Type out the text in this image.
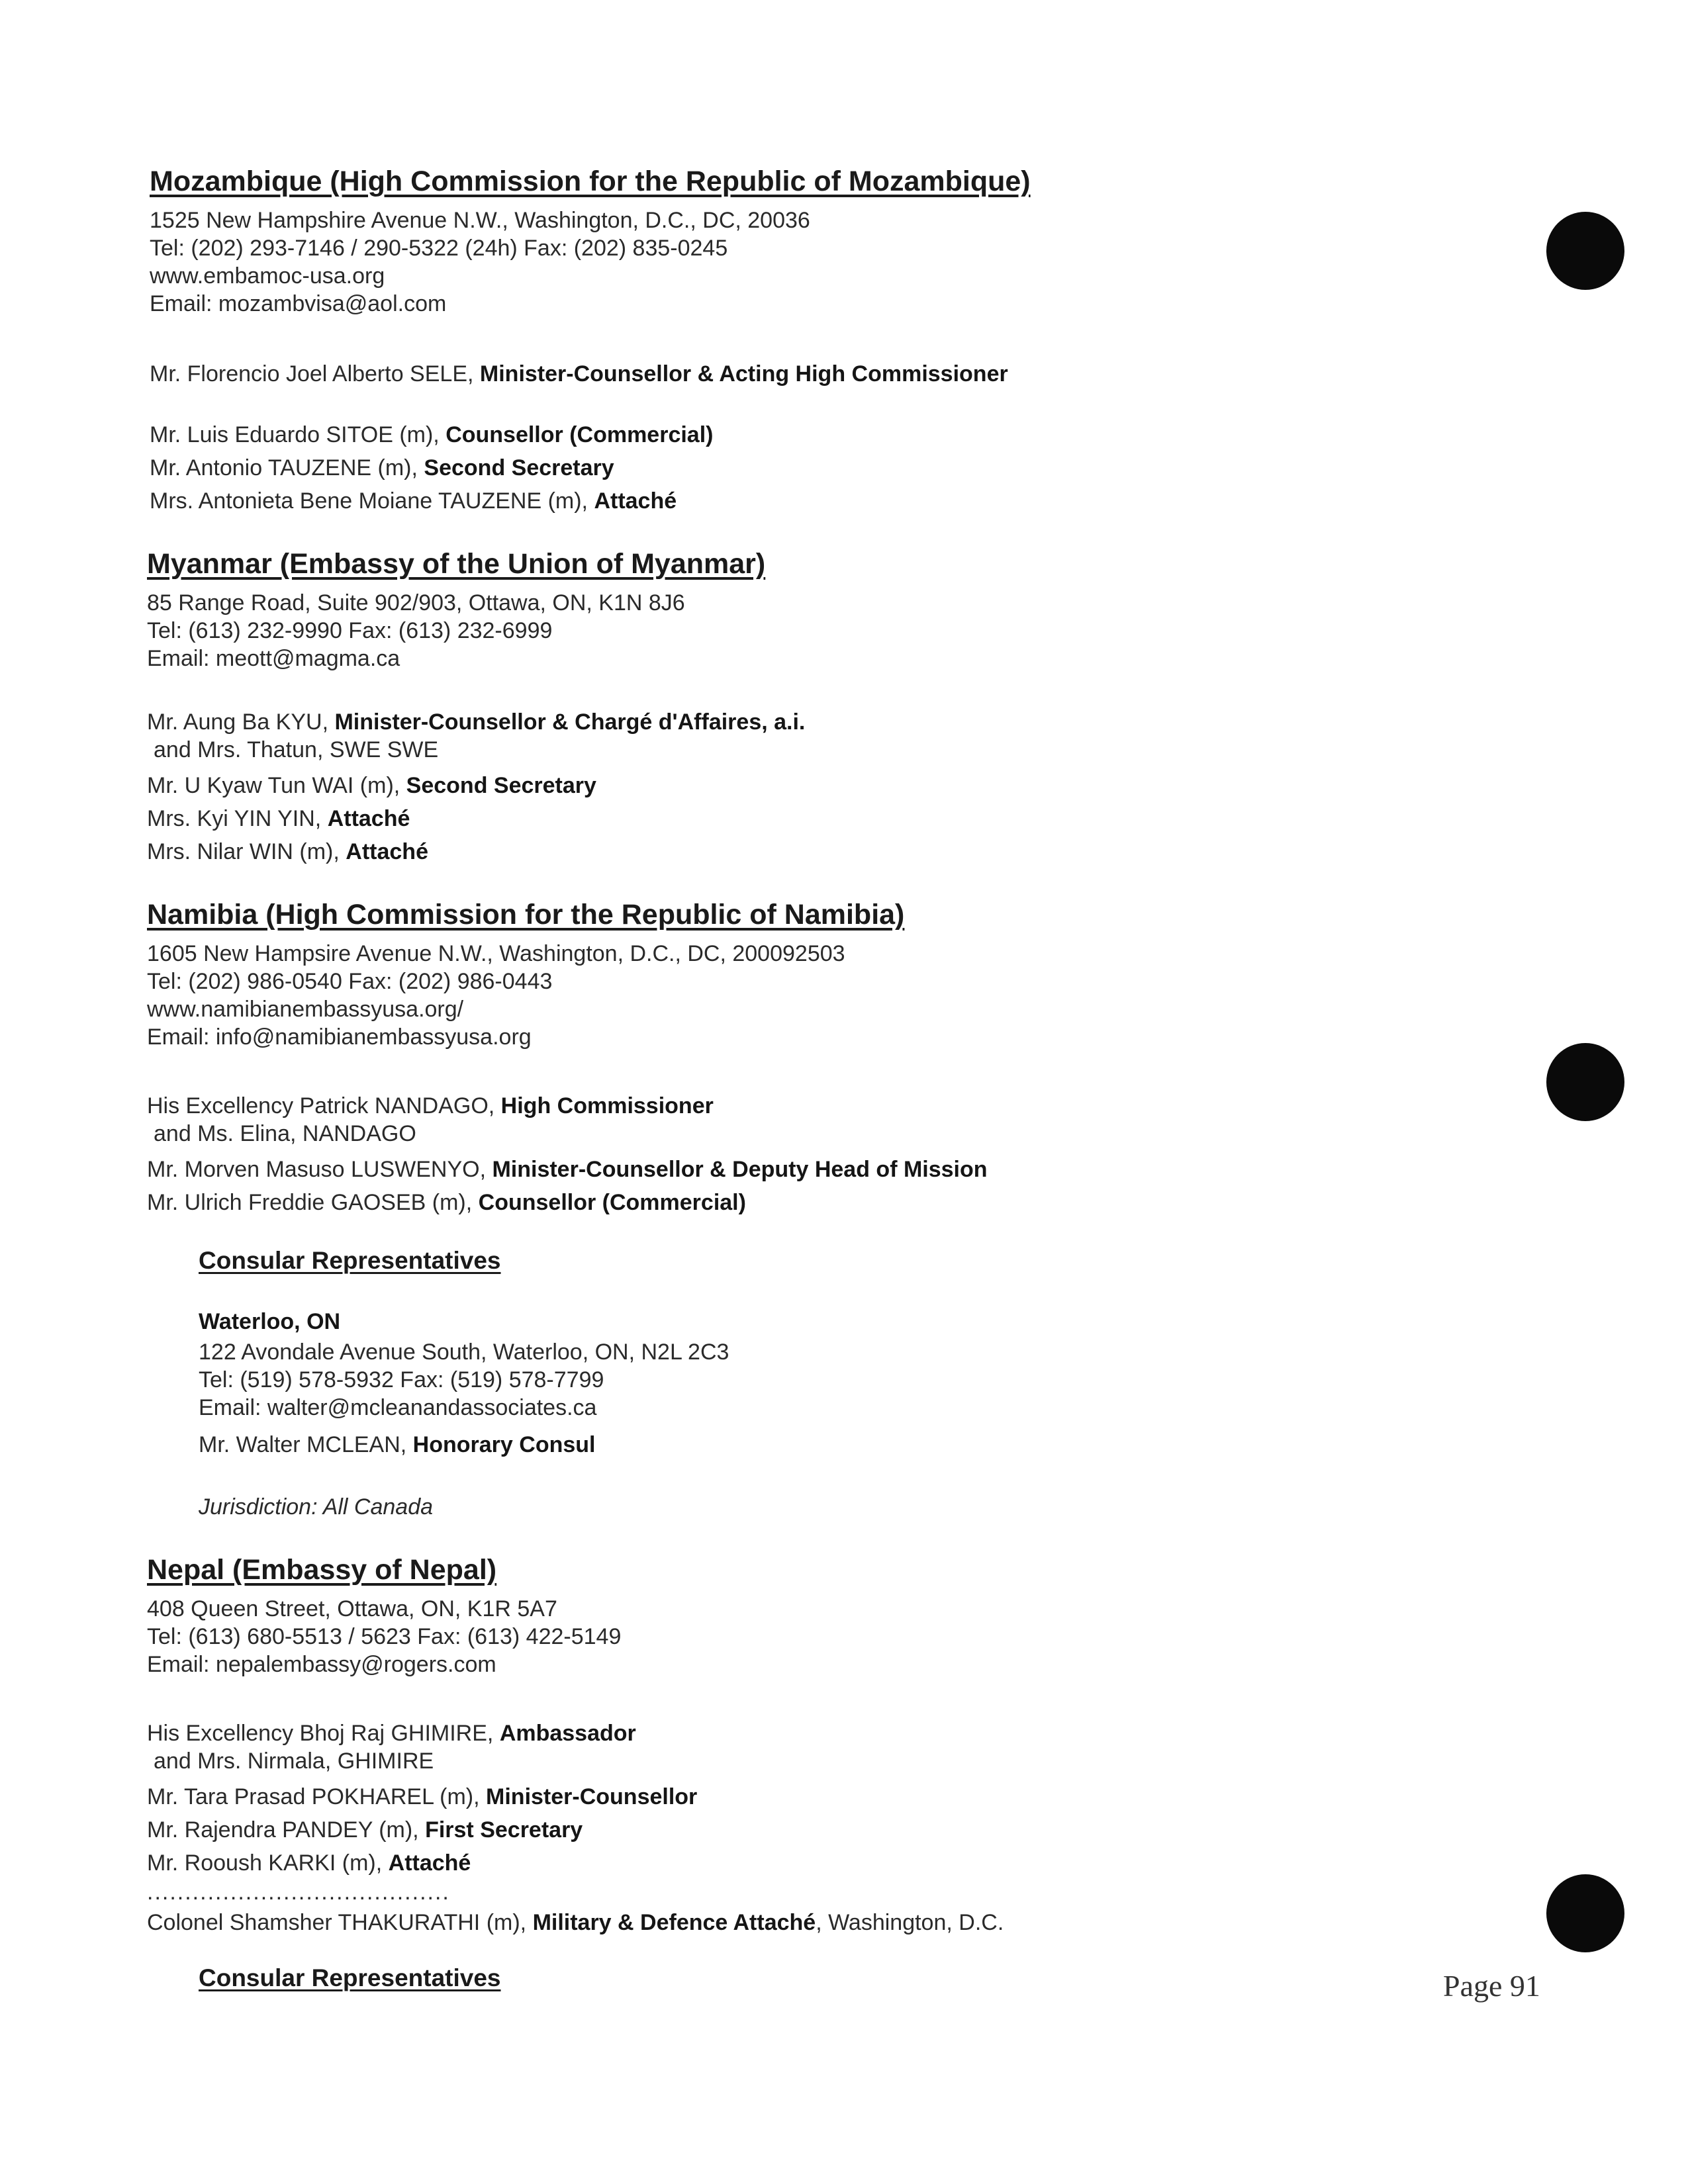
Mozambique (High Commission for the Republic of Mozambique)

1525 New Hampshire Avenue N.W., Washington, D.C., DC, 20036

Tel: (202) 293-7146 / 290-5322 (24h) Fax: (202) 835-0245

www.embamoc-usa.org

Email: mozambvisa@aol.com

Mr. Florencio Joel Alberto SELE, Minister-Counsellor & Acting High Commissioner

Mr. Luis Eduardo SITOE (m), Counsellor (Commercial)

Mr. Antonio TAUZENE (m), Second Secretary

Mrs. Antonieta Bene Moiane TAUZENE (m), Attaché

Myanmar (Embassy of the Union of Myanmar)

85 Range Road, Suite 902/903, Ottawa, ON, K1N 8J6

Tel: (613) 232-9990 Fax: (613) 232-6999

Email: meott@magma.ca

Mr. Aung Ba KYU, Minister-Counsellor & Chargé d'Affaires, a.i.

and Mrs. Thatun, SWE SWE

Mr. U Kyaw Tun WAI (m), Second Secretary

Mrs. Kyi YIN YIN, Attaché

Mrs. Nilar WIN (m), Attaché

Namibia (High Commission for the Republic of Namibia)

1605 New Hampsire Avenue N.W., Washington, D.C., DC, 200092503

Tel: (202) 986-0540 Fax: (202) 986-0443

www.namibianembassyusa.org/

Email: info@namibianembassyusa.org

His Excellency Patrick NANDAGO, High Commissioner

and Ms. Elina, NANDAGO

Mr. Morven Masuso LUSWENYO, Minister-Counsellor & Deputy Head of Mission

Mr. Ulrich Freddie GAOSEB (m), Counsellor (Commercial)

Consular Representatives

Waterloo, ON

122 Avondale Avenue South, Waterloo, ON, N2L 2C3

Tel: (519) 578-5932 Fax: (519) 578-7799

Email: walter@mcleanandassociates.ca

Mr. Walter MCLEAN, Honorary Consul

Jurisdiction: All Canada

Nepal (Embassy of Nepal)

408 Queen Street, Ottawa, ON, K1R 5A7

Tel: (613) 680-5513 / 5623 Fax: (613) 422-5149

Email: nepalembassy@rogers.com

His Excellency Bhoj Raj GHIMIRE, Ambassador

and Mrs. Nirmala, GHIMIRE

Mr. Tara Prasad POKHAREL (m), Minister-Counsellor

Mr. Rajendra PANDEY (m), First Secretary

Mr. Rooush KARKI (m), Attaché

........................................

Colonel Shamsher THAKURATHI (m), Military & Defence Attaché, Washington, D.C.

Consular Representatives	Page 91
